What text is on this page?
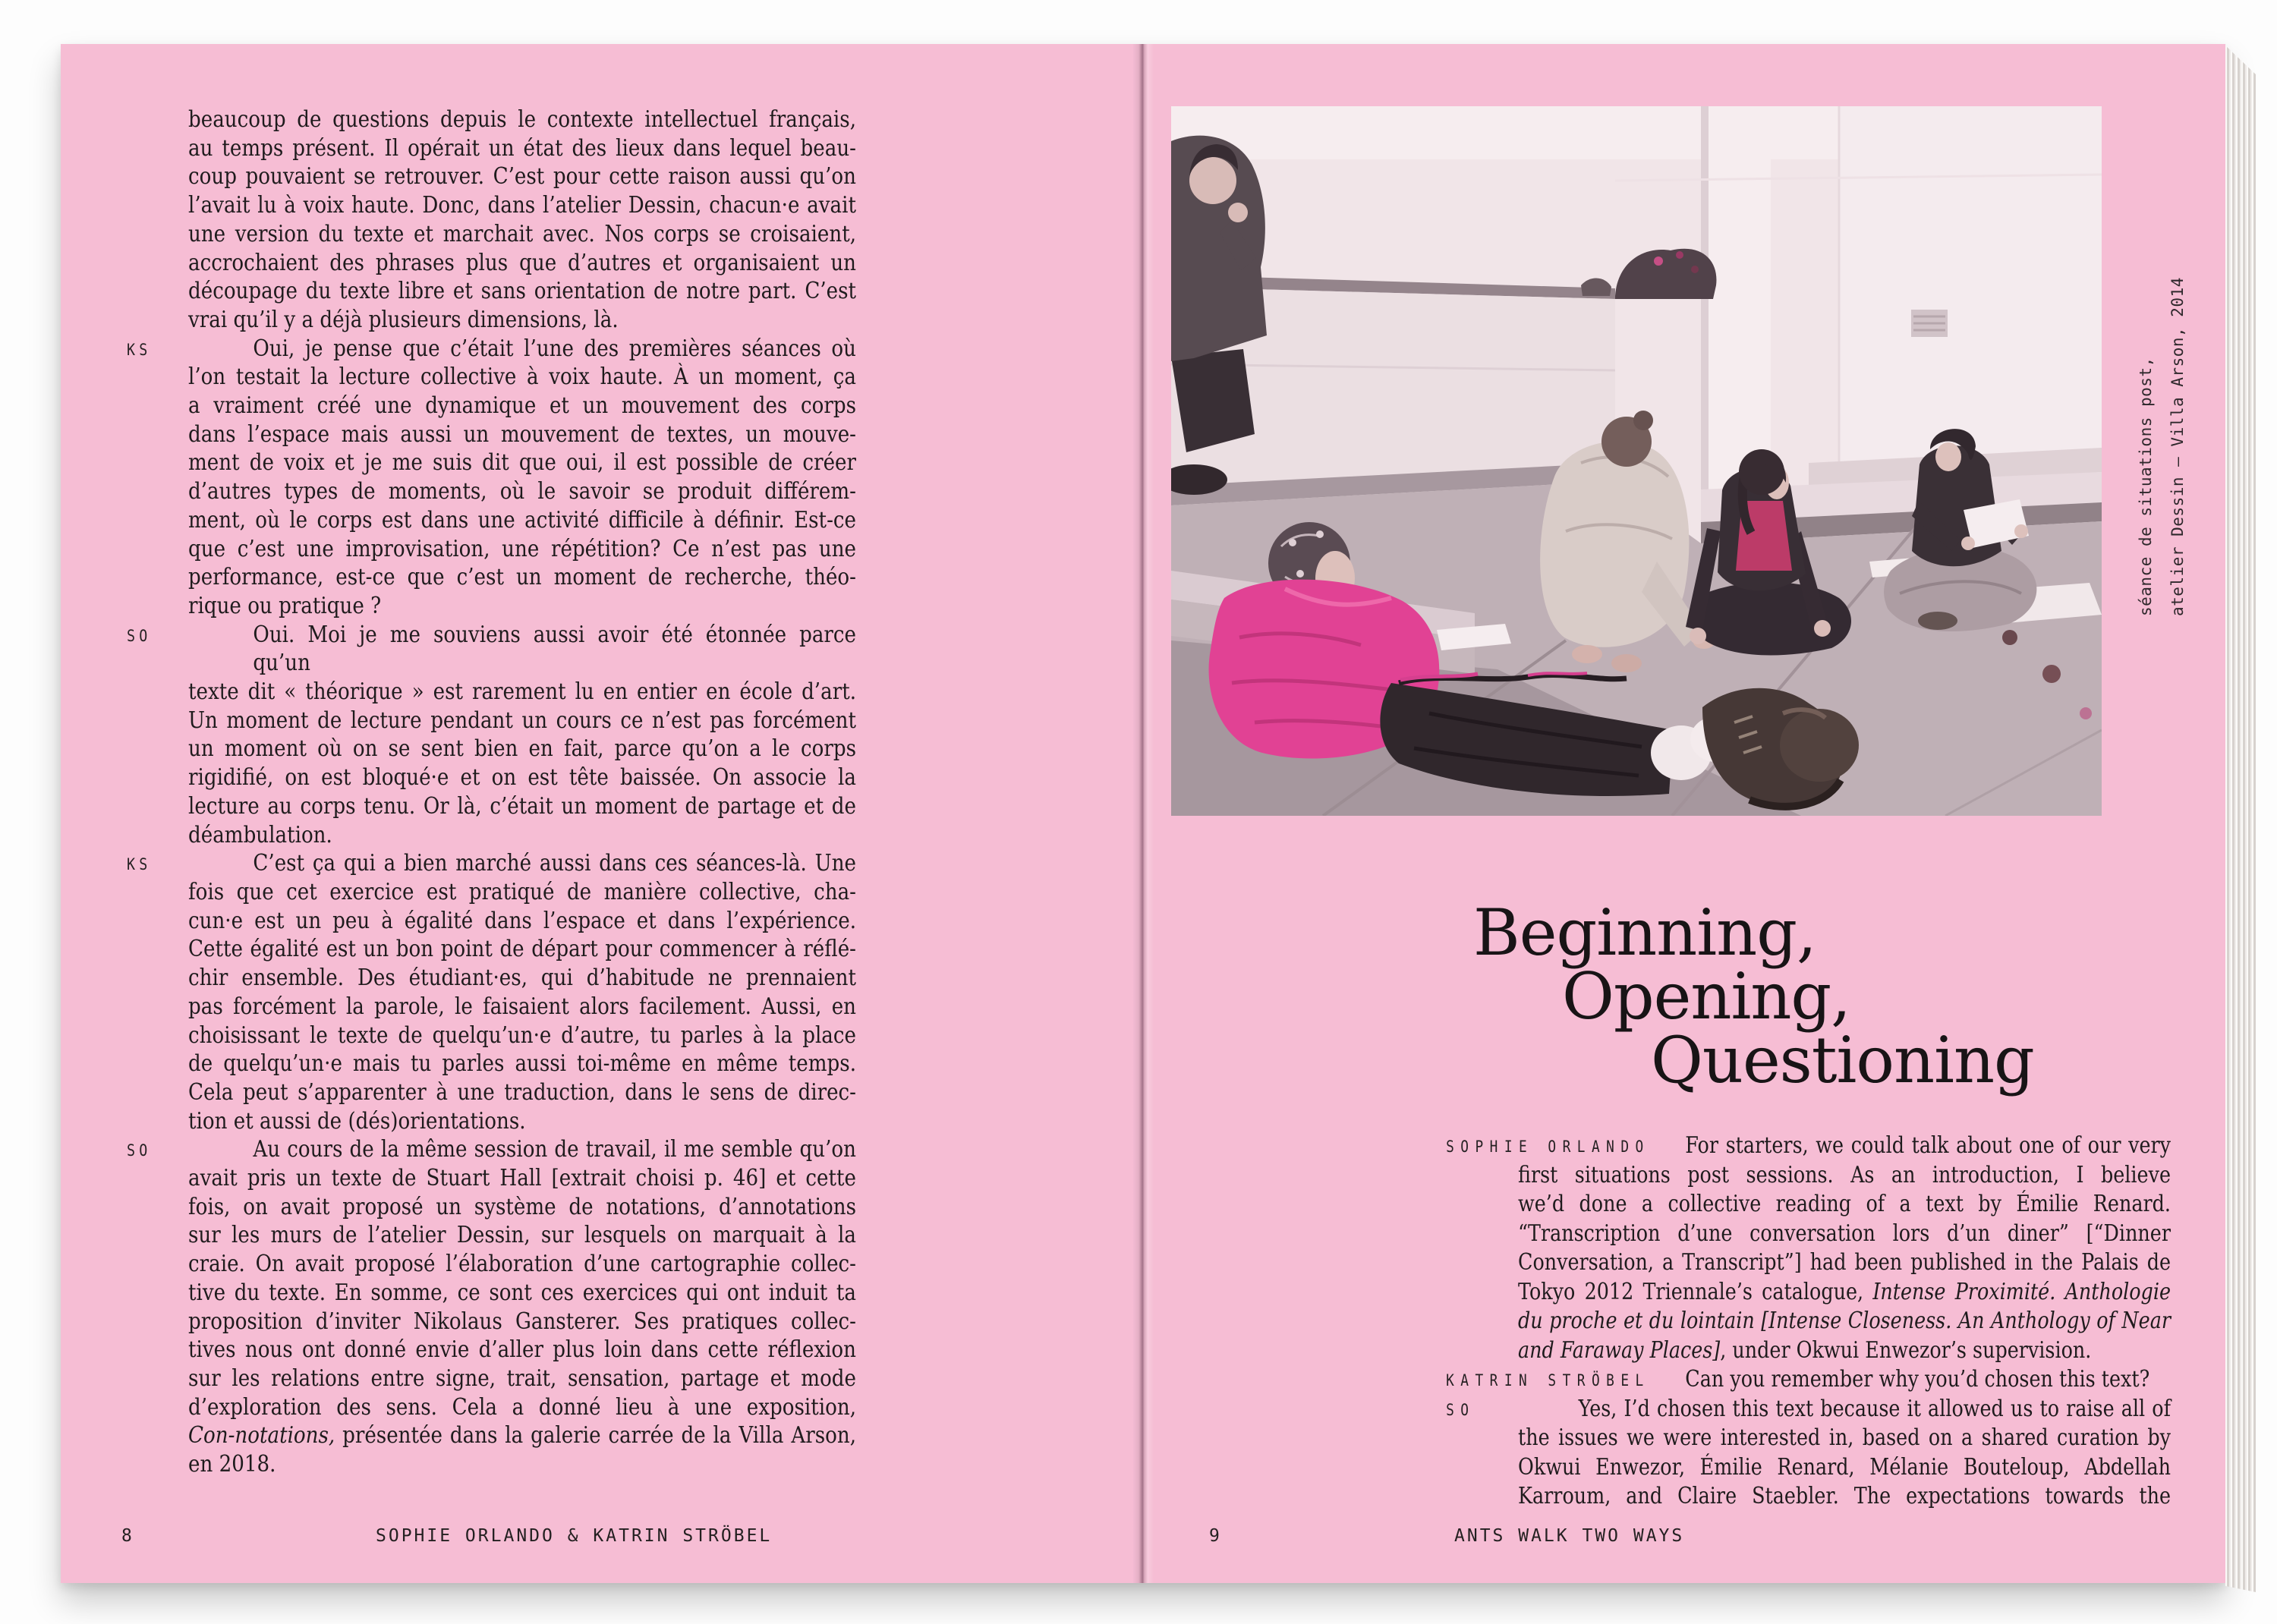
beaucoup de questions depuis le contexte intellectuel français,
au temps présent. Il opérait un état des lieux dans lequel beau-
coup pouvaient se retrouver. C’est pour cette raison aussi qu’on
l’avait lu à voix haute. Donc, dans l’atelier Dessin, chacun·e avait
une version du texte et marchait avec. Nos corps se croisaient,
accrochaient des phrases plus que d’autres et organisaient un
découpage du texte libre et sans orientation de notre part. C’est
vrai qu’il y a déjà plusieurs dimensions, là.
KS	Oui, je pense que c’était l’une des premières séances où
l’on testait la lecture collective à voix haute. À un moment, ça
a vraiment créé une dynamique et un mouvement des corps
dans l’espace mais aussi un mouvement de textes, un mouve-
ment de voix et je me suis dit que oui, il est possible de créer
d’autres types de moments, où le savoir se produit différem-
ment, où le corps est dans une activité difficile à définir. Est-ce
que c’est une improvisation, une répétition? Ce n’est pas une
performance, est-ce que c’est un moment de recherche, théo-
rique ou pratique ?
SO	Oui. Moi je me souviens aussi avoir été étonnée parce qu’un
texte dit « théorique » est rarement lu en entier en école d’art.
Un moment de lecture pendant un cours ce n’est pas forcément
un moment où on se sent bien en fait, parce qu’on a le corps
rigidifié, on est bloqué·e et on est tête baissée. On associe la
lecture au corps tenu. Or là, c’était un moment de partage et de
déambulation.
KS	C’est ça qui a bien marché aussi dans ces séances-là. Une
fois que cet exercice est pratiqué de manière collective, cha-
cun·e est un peu à égalité dans l’espace et dans l’expérience.
Cette égalité est un bon point de départ pour commencer à réflé-
chir ensemble. Des étudiant·es, qui d’habitude ne prennaient
pas forcément la parole, le faisaient alors facilement. Aussi, en
choisissant le texte de quelqu’un·e d’autre, tu parles à la place
de quelqu’un·e mais tu parles aussi toi-même en même temps.
Cela peut s’apparenter à une traduction, dans le sens de direc-
tion et aussi de (dés)orientations.
SO	Au cours de la même session de travail, il me semble qu’on
avait pris un texte de Stuart Hall [extrait choisi p. 46] et cette
fois, on avait proposé un système de notations, d’annotations
sur les murs de l’atelier Dessin, sur lesquels on marquait à la
craie. On avait proposé l’élaboration d’une cartographie collec-
tive du texte. En somme, ce sont ces exercices qui ont induit ta
proposition d’inviter Nikolaus Gansterer. Ses pratiques collec-
tives nous ont donné envie d’aller plus loin dans cette réflexion
sur les relations entre signe, trait, sensation, partage et mode
d’exploration des sens. Cela a donné lieu à une exposition,
Con-notations, présentée dans la galerie carrée de la Villa Arson,
en 2018.
séance de situations post, atelier Dessin – Villa Arson, 2014
Beginning,
Opening,
Questioning
SOPHIE ORLANDO	For starters, we could talk about one of our very
first situations post sessions. As an introduction, I believe
we’d done a collective reading of a text by Émilie Renard.
“Transcription d’une conversation lors d’un diner” [“Dinner
Conversation, a Transcript”] had been published in the Palais de
Tokyo 2012 Triennale’s catalogue, Intense Proximité. Anthologie
du proche et du lointain [Intense Closeness. An Anthology of Near
and Faraway Places], under Okwui Enwezor’s supervision.
KATRIN STRÖBEL	Can you remember why you’d chosen this text?
SO	Yes, I’d chosen this text because it allowed us to raise all of
the issues we were interested in, based on a shared curation by
Okwui Enwezor, Émilie Renard, Mélanie Bouteloup, Abdellah
Karroum, and Claire Staebler. The expectations towards the
8	SOPHIE ORLANDO & KATRIN STRÖBEL	9	ANTS WALK TWO WAYS
